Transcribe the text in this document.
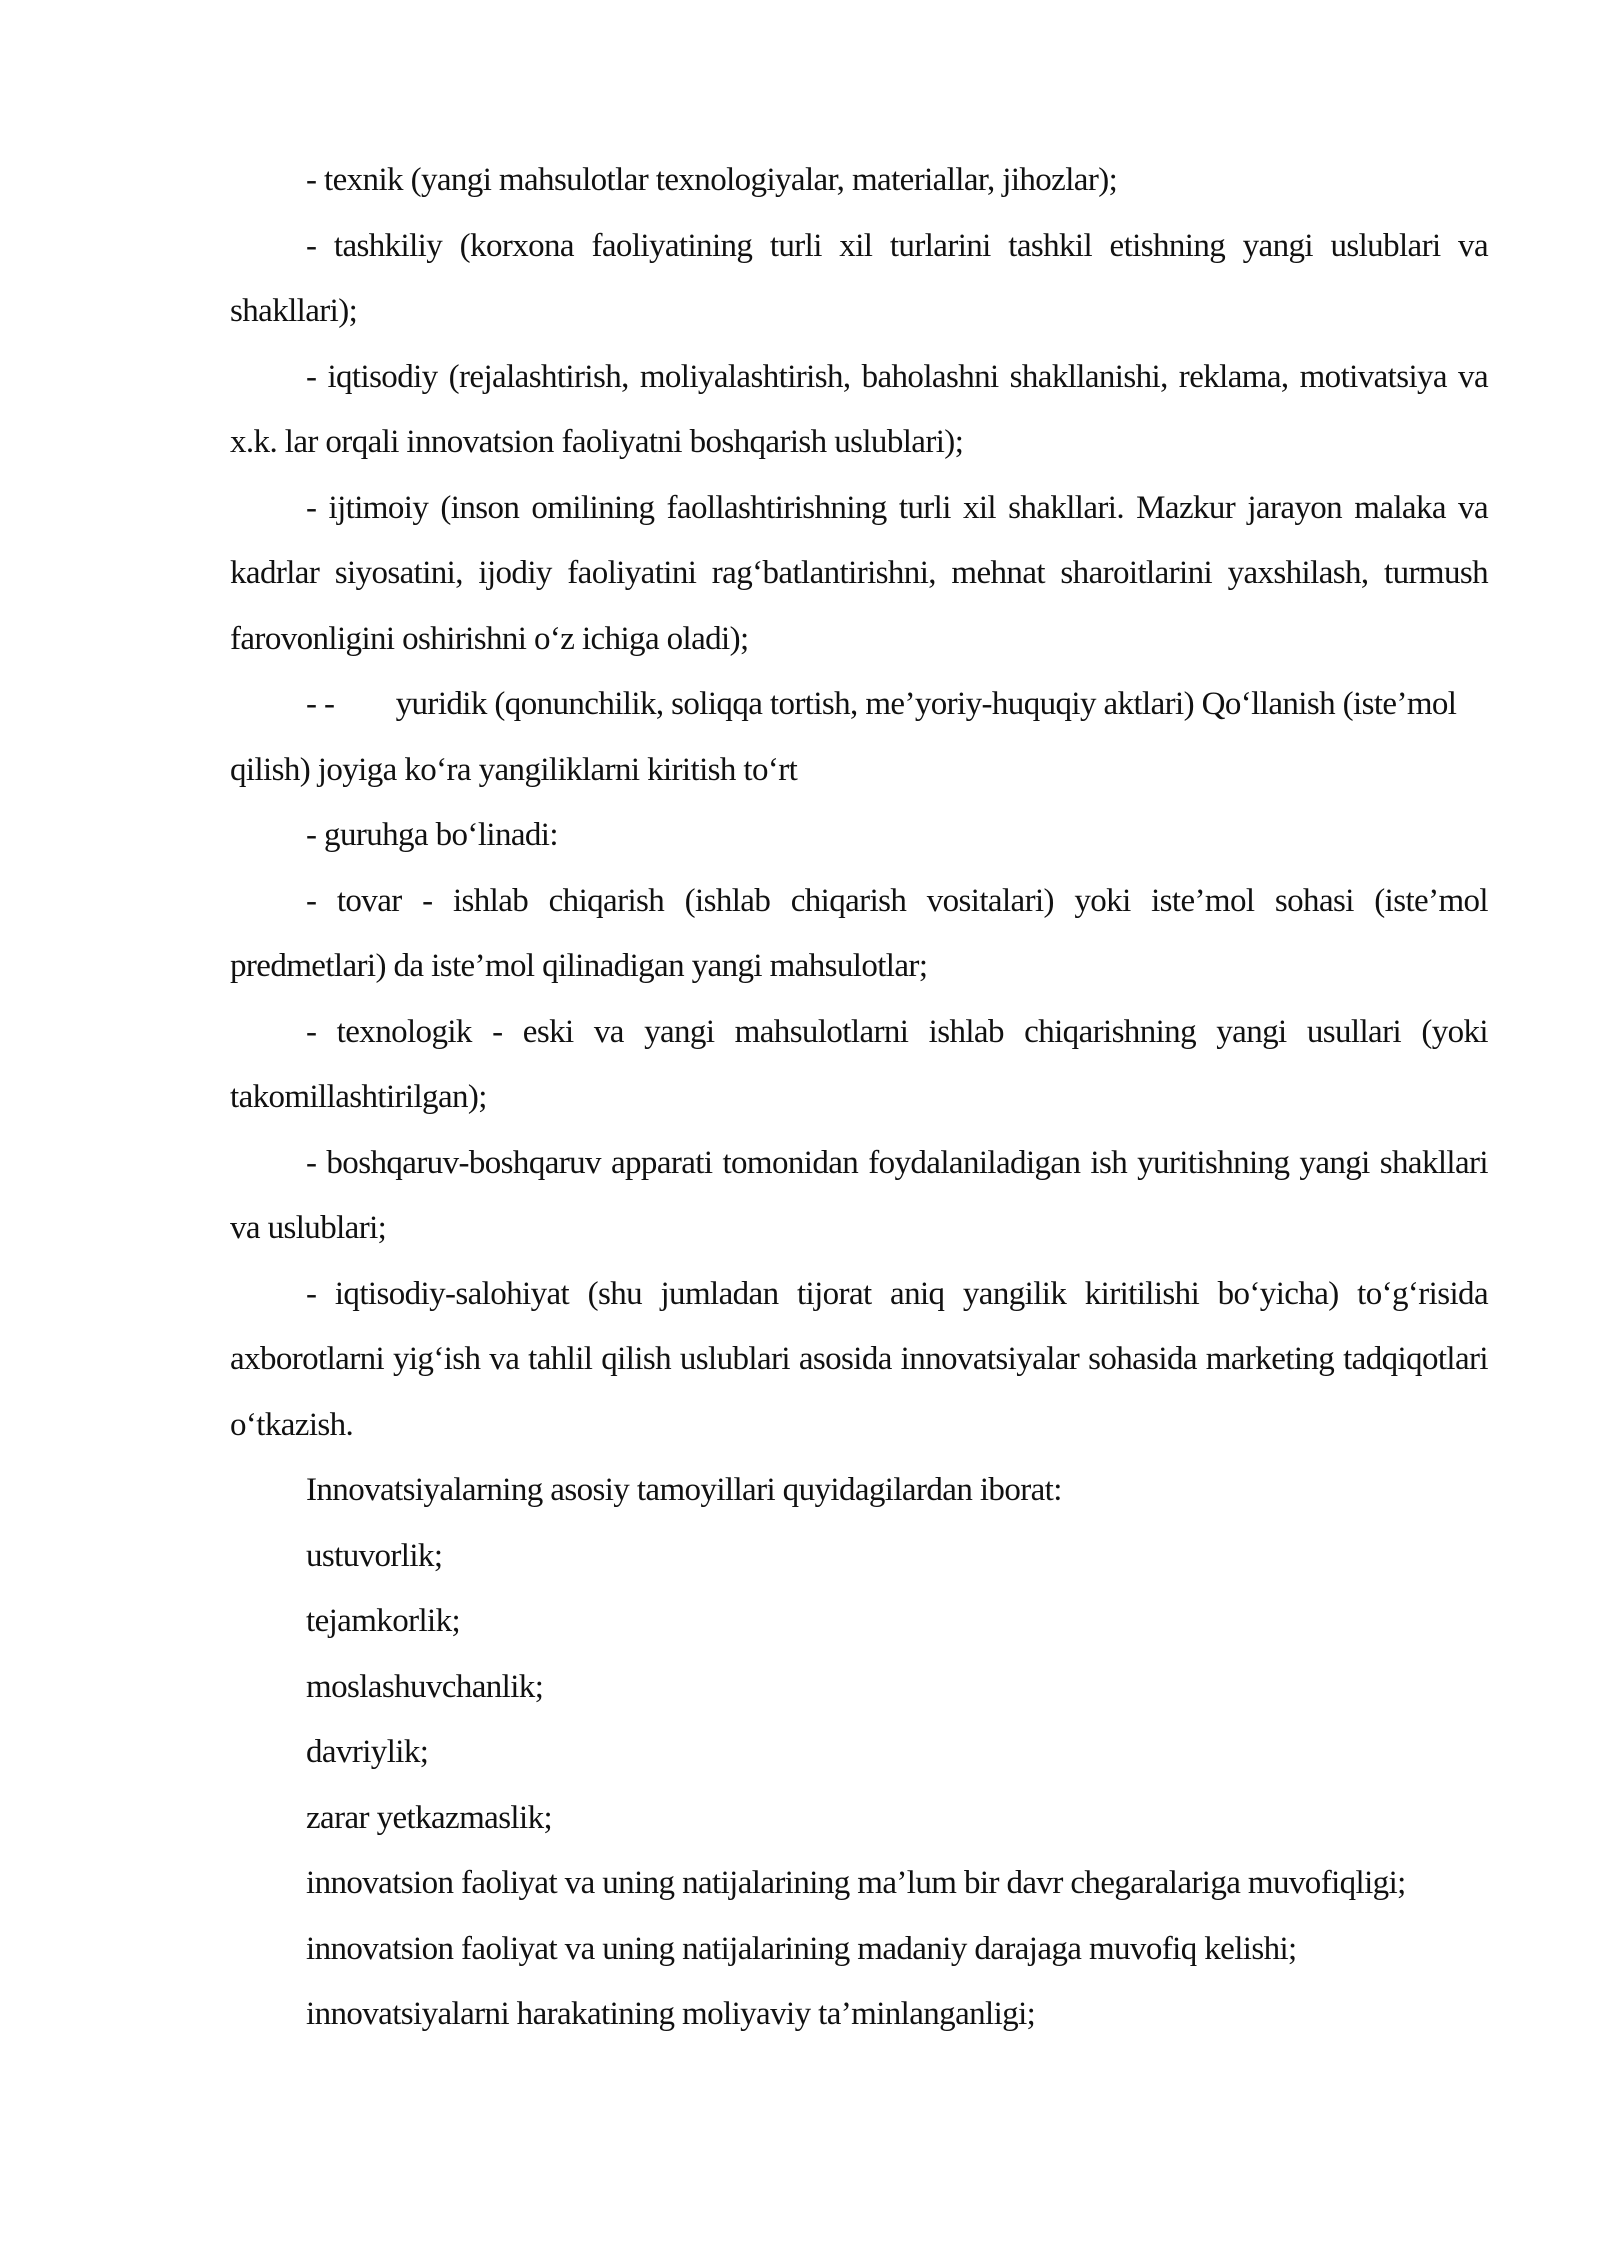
- texnik (yangi mahsulotlar texnologiyalar, materiallar, jihozlar);

- tashkiliy (korxona faoliyatining turli xil turlarini tashkil etishning yangi uslublari va shakllari);

- iqtisodiy (rejalashtirish, moliyalashtirish, baholashni shakllanishi, reklama, motivatsiya va x.k. lar orqali innovatsion faoliyatni boshqarish uslublari);

- ijtimoiy (inson omilining faollashtirishning turli xil shakllari. Mazkur jarayon malaka va kadrlar siyosatini, ijodiy faoliyatini rag‘batlantirishni, mehnat sharoitlarini yaxshilash, turmush farovonligini oshirishni o‘z ichiga oladi);

- -        yuridik (qonunchilik, soliqqa tortish, me’yoriy-huquqiy aktlari) Qo‘llanish (iste’mol qilish) joyiga ko‘ra yangiliklarni kiritish to‘rt

- guruhga bo‘linadi:

- tovar - ishlab chiqarish (ishlab chiqarish vositalari) yoki iste’mol sohasi (iste’mol predmetlari) da iste’mol qilinadigan yangi mahsulotlar;

- texnologik - eski va yangi mahsulotlarni ishlab chiqarishning yangi usullari (yoki takomillashtirilgan);

- boshqaruv-boshqaruv apparati tomonidan foydalaniladigan ish yuritishning yangi shakllari va uslublari;

- iqtisodiy-salohiyat (shu jumladan tijorat aniq yangilik kiritilishi bo‘yicha) to‘g‘risida axborotlarni yig‘ish va tahlil qilish uslublari asosida innovatsiyalar sohasida marketing tadqiqotlari o‘tkazish.

Innovatsiyalarning asosiy tamoyillari quyidagilardan iborat:

ustuvorlik;

tejamkorlik;

moslashuvchanlik;

davriylik;

zarar yetkazmaslik;

innovatsion faoliyat va uning natijalarining ma’lum bir davr chegaralariga muvofiqligi;

innovatsion faoliyat va uning natijalarining madaniy darajaga muvofiq kelishi;

innovatsiyalarni harakatining moliyaviy ta’minlanganligi;
